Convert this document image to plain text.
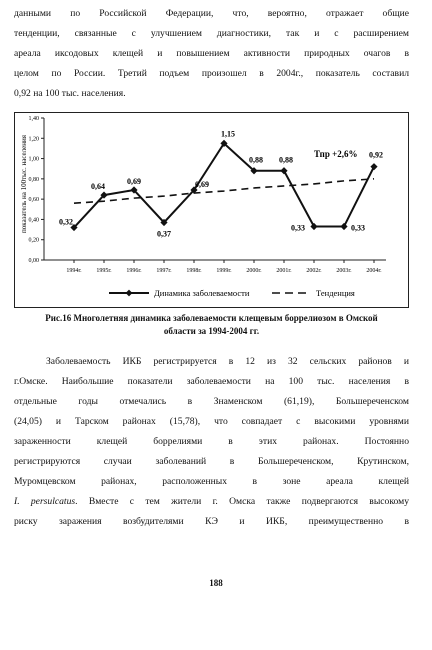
данными по Российской Федерации, что, вероятно, отражает общие
тенденции, связанные с улучшением диагностики, так и с расширением
ареала иксодовых клещей и повышением активности природных очагов в
целом по России. Третий подъем произошел в 2004г., показатель составил
0,92 на 100 тыс. населения.
показатель на 100тыс. населения
0,00
0,20
0,40
0,60
0,80
1,00
1,20
1,40
1994г. 1995г. 1996г. 1997г. 1998г. 1999г. 2000г. 2001г. 2002г. 2003г. 2004г.
0,32
0,64
0,69
0,37
0,69
1,15
0,88 0,88
0,33	0,33
0,92
Тпр +2,6%
Динамика заболеваемости	Тенденция
Рис.16 Многолетняя динамика заболеваемости клещевым боррелиозом в Омской
области за 1994-2004 гг.
Заболеваемость ИКБ регистрируется в 12 из 32 сельских районов и
г.Омске. Наибольшие показатели заболеваемости на 100 тыс. населения в
отдельные годы отмечались в Знаменском (61,19), Большереченском
(24,05) и Тарском районах (15,78), что совпадает с высокими уровнями
зараженности клещей боррелиями в этих районах. Постоянно
регистрируются случаи заболеваний в Большереченском, Крутинском,
Муромцевском районах, расположенных в зоне ареала клещей
I. persulcatus. Вместе с тем жители г. Омска также подвергаются высокому
риску заражения возбудителями КЭ и ИКБ, преимущественно в
188
